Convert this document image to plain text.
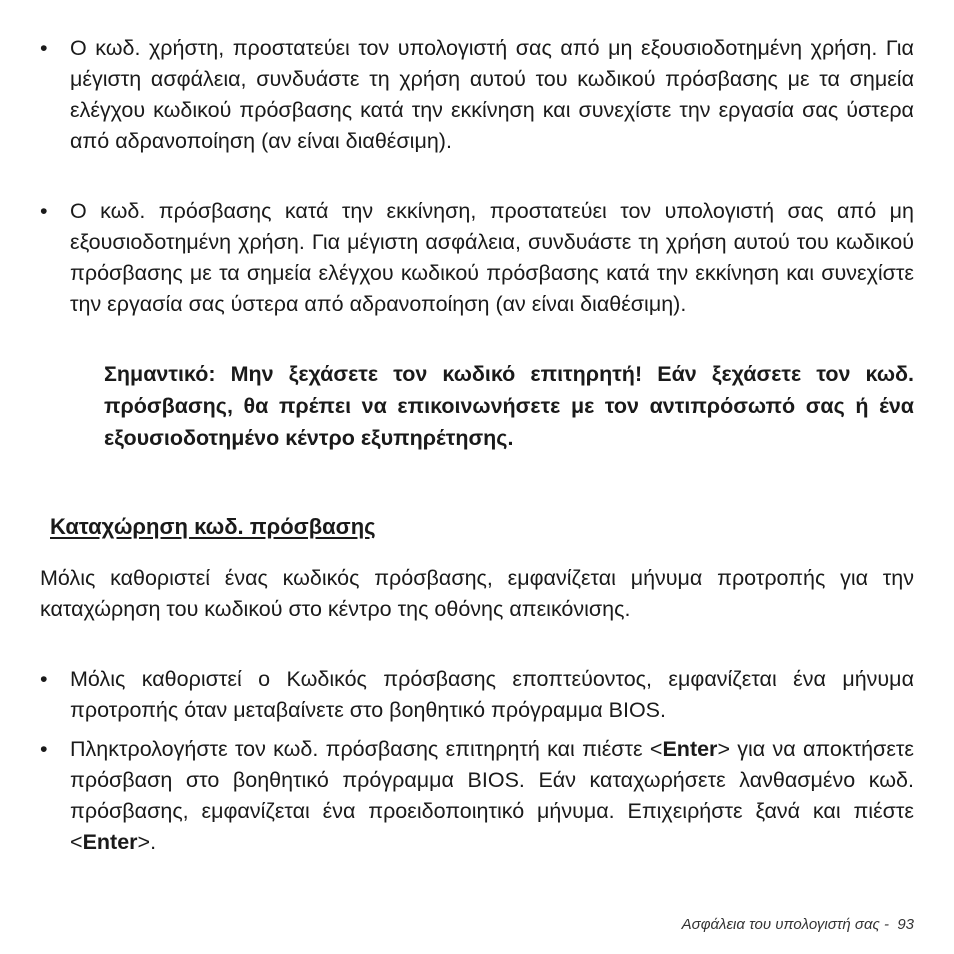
•	Ο κωδ. χρήστη, προστατεύει τον υπολογιστή σας από μη εξουσιοδοτημένη χρήση. Για μέγιστη ασφάλεια, συνδυάστε τη χρήση αυτού του κωδικού πρόσβασης με τα σημεία ελέγχου κωδικού πρόσβασης κατά την εκκίνηση και συνεχίστε την εργασία σας ύστερα από αδρανοποίηση (αν είναι διαθέσιμη).
•	Ο κωδ. πρόσβασης κατά την εκκίνηση, προστατεύει τον υπολογιστή σας από μη εξουσιοδοτημένη χρήση. Για μέγιστη ασφάλεια, συνδυάστε τη χρήση αυτού του κωδικού πρόσβασης με τα σημεία ελέγχου κωδικού πρόσβασης κατά την εκκίνηση και συνεχίστε την εργασία σας ύστερα από αδρανοποίηση (αν είναι διαθέσιμη).
Σημαντικό: Μην ξεχάσετε τον κωδικό επιτηρητή! Εάν ξεχάσετε τον κωδ. πρόσβασης, θα πρέπει να επικοινωνήσετε με τον αντιπρόσωπό σας ή ένα εξουσιοδοτημένο κέντρο εξυπηρέτησης.
Καταχώρηση κωδ. πρόσβασης
Μόλις καθοριστεί ένας κωδικός πρόσβασης, εμφανίζεται μήνυμα προτροπής για την καταχώρηση του κωδικού στο κέντρο της οθόνης απεικόνισης.
•	Μόλις καθοριστεί ο Κωδικός πρόσβασης εποπτεύοντος, εμφανίζεται ένα μήνυμα προτροπής όταν μεταβαίνετε στο βοηθητικό πρόγραμμα BIOS.
•	Πληκτρολογήστε τον κωδ. πρόσβασης επιτηρητή και πιέστε <Enter> για να αποκτήσετε πρόσβαση στο βοηθητικό πρόγραμμα BIOS. Εάν καταχωρήσετε λανθασμένο κωδ. πρόσβασης, εμφανίζεται ένα προειδοποιητικό μήνυμα. Επιχειρήστε ξανά και πιέστε <Enter>.
Ασφάλεια του υπολογιστή σας - 93
